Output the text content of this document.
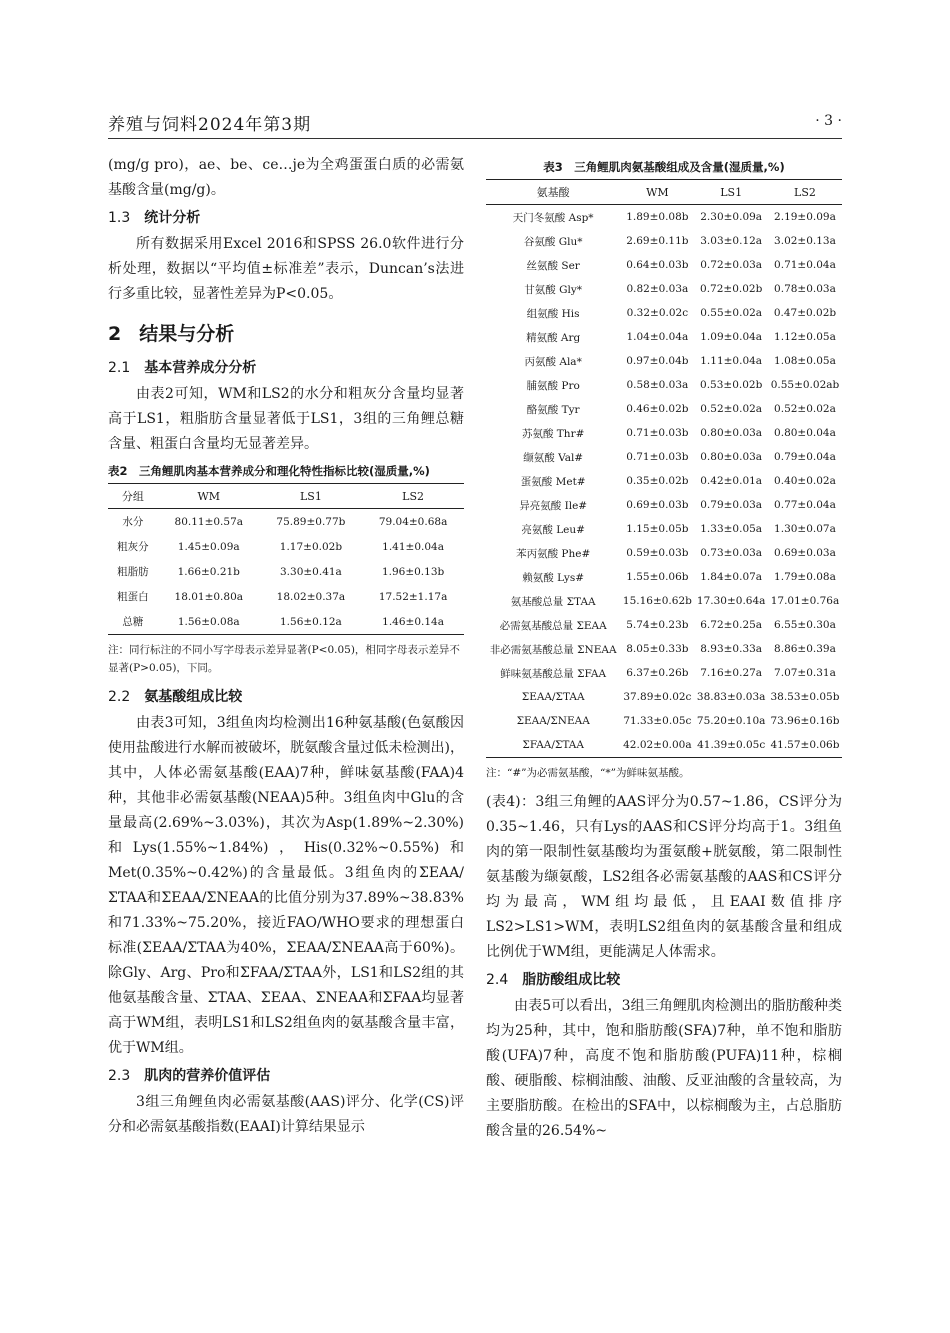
养殖与饲料2024年第3期	· 3 ·

(mg/g pro)，ae、be、ce…je为全鸡蛋蛋白质的必需氨基酸含量(mg/g)。

1.3 统计分析

所有数据采用Excel 2016和SPSS 26.0软件进行分析处理，数据以“平均值±标准差”表示，Duncan’s法进行多重比较，显著性差异为P<0.05。

2 结果与分析
2.1 基本营养成分分析

由表2可知，WM和LS2的水分和粗灰分含量均显著高于LS1，粗脂肪含量显著低于LS1，3组的三角鲤总糖含量、粗蛋白含量均无显著差异。

表2　三角鲤肌肉基本营养成分和理化特性指标比较(湿质量,%)
分组	WM	LS1	LS2
水分	80.11±0.57a	75.89±0.77b	79.04±0.68a
粗灰分	1.45±0.09a	1.17±0.02b	1.41±0.04a
粗脂肪	1.66±0.21b	3.30±0.41a	1.96±0.13b
粗蛋白	18.01±0.80a	18.02±0.37a	17.52±1.17a
总糖	1.56±0.08a	1.56±0.12a	1.46±0.14a
注：同行标注的不同小写字母表示差异显著(P<0.05)，相同字母表示差异不显著(P>0.05)，下同。
2.2 氨基酸组成比较

由表3可知，3组鱼肉均检测出16种氨基酸(色氨酸因使用盐酸进行水解而被破坏，胱氨酸含量过低未检测出)，其中，人体必需氨基酸(EAA)7种，鲜味氨基酸(FAA)4种，其他非必需氨基酸(NEAA)5种。3组鱼肉中Glu的含量最高(2.69%~3.03%)，其次为Asp(1.89%~2.30%)和Lys(1.55%~1.84%)，His(0.32%~0.55%)和Met(0.35%~0.42%)的含量最低。3组鱼肉的ΣEAA/ΣTAA和ΣEAA/ΣNEAA的比值分别为37.89%~38.83%和71.33%~75.20%，接近FAO/WHO要求的理想蛋白标准(ΣEAA/ΣTAA为40%，ΣEAA/ΣNEAA高于60%)。除Gly、Arg、Pro和ΣFAA/ΣTAA外，LS1和LS2组的其他氨基酸含量、ΣTAA、ΣEAA、ΣNEAA和ΣFAA均显著高于WM组，表明LS1和LS2组鱼肉的氨基酸含量丰富，优于WM组。

2.3 肌肉的营养价值评估

3组三角鲤鱼肉必需氨基酸(AAS)评分、化学(CS)评分和必需氨基酸指数(EAAI)计算结果显示

表3　三角鲤肌肉氨基酸组成及含量(湿质量,%)
氨基酸	WM	LS1	LS2
天门冬氨酸 Asp*	1.89±0.08b	2.30±0.09a	2.19±0.09a
谷氨酸 Glu*	2.69±0.11b	3.03±0.12a	3.02±0.13a
丝氨酸 Ser	0.64±0.03b	0.72±0.03a	0.71±0.04a
甘氨酸 Gly*	0.82±0.03a	0.72±0.02b	0.78±0.03a
组氨酸 His	0.32±0.02c	0.55±0.02a	0.47±0.02b
精氨酸 Arg	1.04±0.04a	1.09±0.04a	1.12±0.05a
丙氨酸 Ala*	0.97±0.04b	1.11±0.04a	1.08±0.05a
脯氨酸 Pro	0.58±0.03a	0.53±0.02b	0.55±0.02ab
酪氨酸 Tyr	0.46±0.02b	0.52±0.02a	0.52±0.02a
苏氨酸 Thr#	0.71±0.03b	0.80±0.03a	0.80±0.04a
缬氨酸 Val#	0.71±0.03b	0.80±0.03a	0.79±0.04a
蛋氨酸 Met#	0.35±0.02b	0.42±0.01a	0.40±0.02a
异亮氨酸 Ile#	0.69±0.03b	0.79±0.03a	0.77±0.04a
亮氨酸 Leu#	1.15±0.05b	1.33±0.05a	1.30±0.07a
苯丙氨酸 Phe#	0.59±0.03b	0.73±0.03a	0.69±0.03a
赖氨酸 Lys#	1.55±0.06b	1.84±0.07a	1.79±0.08a
氨基酸总量 ΣTAA	15.16±0.62b	17.30±0.64a	17.01±0.76a
必需氨基酸总量 ΣEAA	5.74±0.23b	6.72±0.25a	6.55±0.30a
非必需氨基酸总量 ΣNEAA	8.05±0.33b	8.93±0.33a	8.86±0.39a
鲜味氨基酸总量 ΣFAA	6.37±0.26b	7.16±0.27a	7.07±0.31a
ΣEAA/ΣTAA	37.89±0.02c	38.83±0.03a	38.53±0.05b
ΣEAA/ΣNEAA	71.33±0.05c	75.20±0.10a	73.96±0.16b
ΣFAA/ΣTAA	42.02±0.00a	41.39±0.05c	41.57±0.06b
注：“#”为必需氨基酸，“*”为鲜味氨基酸。

(表4)：3组三角鲤的AAS评分为0.57~1.86，CS评分为0.35~1.46，只有Lys的AAS和CS评分均高于1。3组鱼肉的第一限制性氨基酸均为蛋氨酸+胱氨酸，第二限制性氨基酸为缬氨酸，LS2组各必需氨基酸的AAS和CS评分均为最高，WM组均最低，且EAAI数值排序LS2>LS1>WM，表明LS2组鱼肉的氨基酸含量和组成比例优于WM组，更能满足人体需求。

2.4 脂肪酸组成比较

由表5可以看出，3组三角鲤肌肉检测出的脂肪酸种类均为25种，其中，饱和脂肪酸(SFA)7种，单不饱和脂肪酸(UFA)7种，高度不饱和脂肪酸(PUFA)11种，棕榈酸、硬脂酸、棕榈油酸、油酸、反亚油酸的含量较高，为主要脂肪酸。在检出的SFA中，以棕榈酸为主，占总脂肪酸含量的26.54%~
